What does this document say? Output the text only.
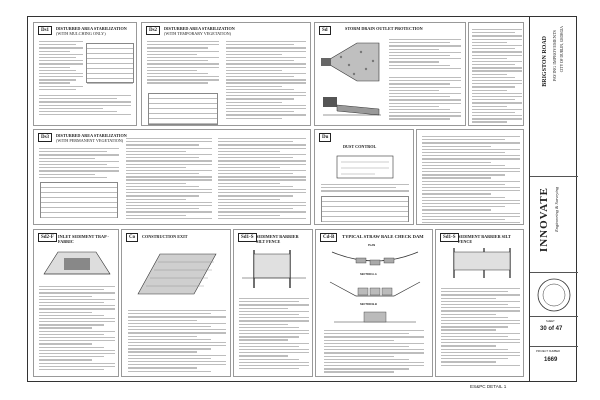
Ds1	DISTURBED AREA STABILIZATION
(WITH MULCHING ONLY)
Ds2	DISTURBED AREA STABILIZATION
(WITH TEMPORARY VEGETATION)
Sd	STORM DRAIN OUTLET PROTECTION
Ds3	DISTURBED AREA STABILIZATION
(WITH PERMANENT VEGETATION)
Du
DUST CONTROL
Sd2-F	INLET SEDIMENT TRAP - FABRIC
Co	CONSTRUCTION EXIT	Sd1-S SEDIMENT BARRIER SILT FENCE
Cd-B	TYPICAL STRAW BALE CHECK DAM
PLAN
SECTION A-A
SECTION B-B
Sd1-S SEDIMENT BARRIER SILT FENCE
BRIGSTON ROAD PAVING IMPROVEMENTS CITY OF DUBLIN, GEORGIA
INNOVATE Engineering & Surveying
SHEET
30 of 47
PROJECT NUMBER
1669
ES&PC DETAIL 1
